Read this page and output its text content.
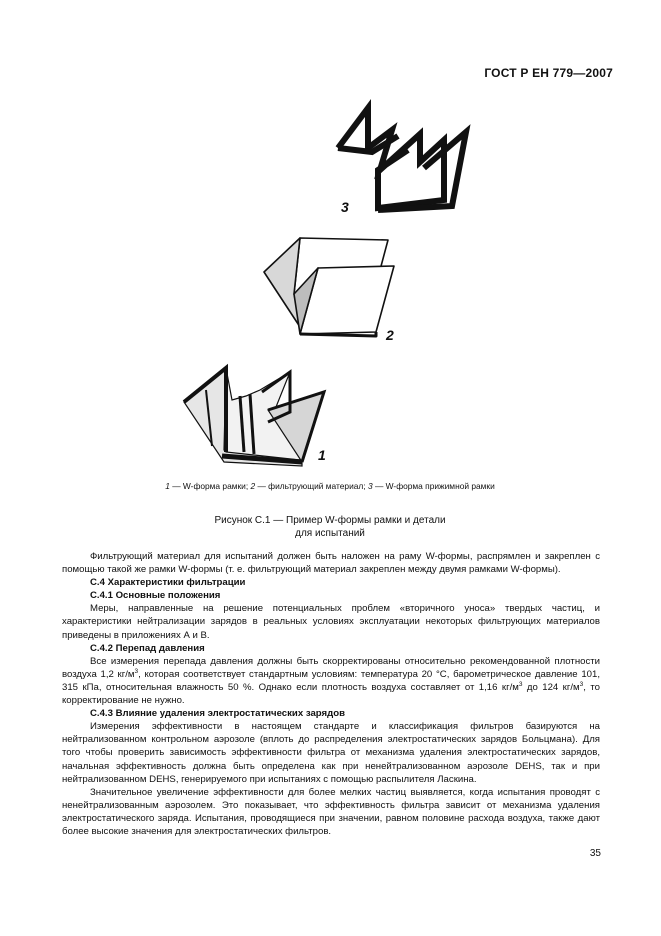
ГОСТ Р ЕН 779—2007
3
2
1
1 — W-форма рамки; 2 — фильтрующий материал; 3 — W-форма прижимной рамки
Рисунок С.1 — Пример W-формы рамки и детали
для испытаний

Фильтрующий материал для испытаний должен быть наложен на раму W-формы, распрямлен и закреплен с помощью такой же рамки W-формы (т. е. фильтрующий материал закреплен между двумя рамками W-формы).

С.4 Характеристики фильтрации
С.4.1 Основные положения

Меры, направленные на решение потенциальных проблем «вторичного уноса» твердых частиц, и характеристики нейтрализации зарядов в реальных условиях эксплуатации некоторых фильтрующих материалов приведены в приложениях А и В.

С.4.2 Перепад давления

Все измерения перепада давления должны быть скорректированы относительно рекомендованной плотности воздуха 1,2 $кг/м^3$, которая соответствует стандартным условиям: температура 20 °С, барометрическое давление 101, 315 кПа, относительная влажность 50 %. Однако если плотность воздуха составляет от 1,16 $кг/м^3$ до 124 $кг/м^3$, то корректирование не нужно.

С.4.3 Влияние удаления электростатических зарядов

Измерения эффективности в настоящем стандарте и классификация фильтров базируются на нейтрализованном контрольном аэрозоле (вплоть до распределения электростатических зарядов Больцмана). Для того чтобы проверить зависимость эффективности фильтра от механизма удаления электростатических зарядов, начальная эффективность должна быть определена как при ненейтрализованном аэрозоле DEHS, так и при нейтрализованном DEHS, генерируемого при испытаниях с помощью распылителя Ласкина.

Значительное увеличение эффективности для более мелких частиц выявляется, когда испытания проводят с ненейтрализованным аэрозолем. Это показывает, что эффективность фильтра зависит от механизма удаления электростатического заряда. Испытания, проводящиеся при значении, равном половине расхода воздуха, также дают более высокие значения для электростатических фильтров.

35
